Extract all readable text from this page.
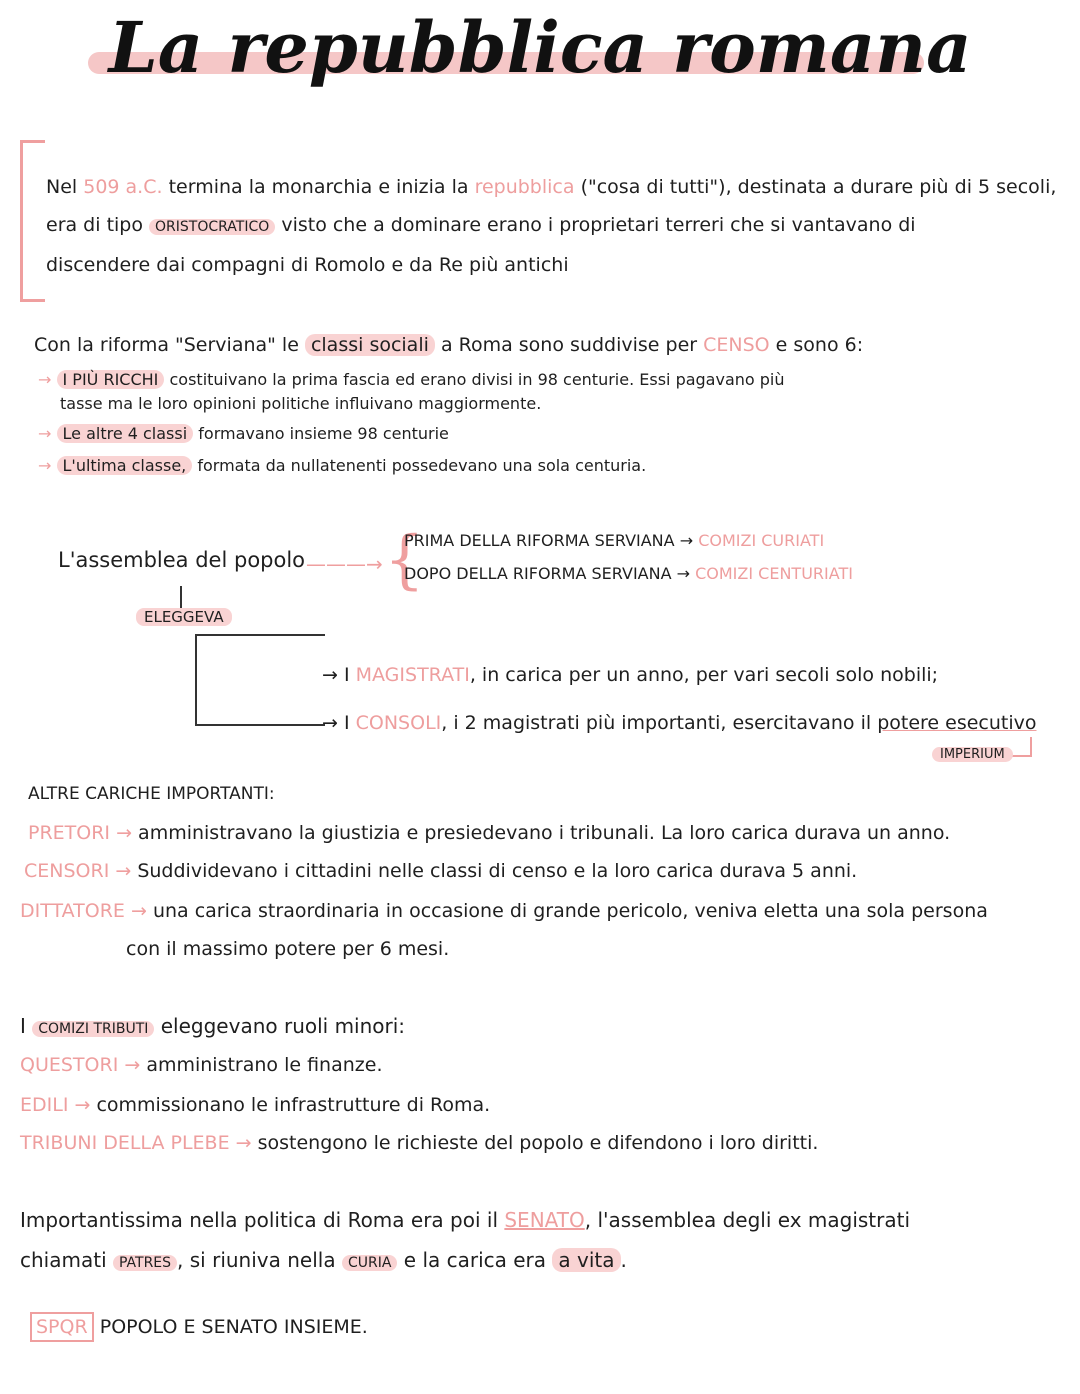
La repubblica romana
Nel 509 a.C. termina la monarchia e inizia la repubblica ("cosa di tutti"), destinata a durare più di 5 secoli,
era di tipo ORISTOCRATICO visto che a dominare erano i proprietari terreri che si vantavano di
discendere dai compagni di Romolo e da Re più antichi
Con la riforma "Serviana" le classi sociali a Roma sono suddivise per CENSO e sono 6:
→ I PIÙ RICCHI costituivano la prima fascia ed erano divisi in 98 centurie. Essi pagavano più
tasse ma le loro opinioni politiche influivano maggiormente.
→ Le altre 4 classi formavano insieme 98 centurie
→ L'ultima classe, formata da nullatenenti possedevano una sola centuria.
L'assemblea del popolo ———→ {
PRIMA DELLA RIFORMA SERVIANA → COMIZI CURIATI
DOPO DELLA RIFORMA SERVIANA → COMIZI CENTURIATI
ELEGGEVA
→ I MAGISTRATI, in carica per un anno, per vari secoli solo nobili;
→ I CONSOLI, i 2 magistrati più importanti, esercitavano il potere esecutivo
IMPERIUM
ALTRE CARICHE IMPORTANTI:
PRETORI → amministravano la giustizia e presiedevano i tribunali. La loro carica durava un anno.
CENSORI → Suddividevano i cittadini nelle classi di censo e la loro carica durava 5 anni.
DITTATORE → una carica straordinaria in occasione di grande pericolo, veniva eletta una sola persona
con il massimo potere per 6 mesi.
I COMIZI TRIBUTI eleggevano ruoli minori:
QUESTORI → amministrano le finanze.
EDILI → commissionano le infrastrutture di Roma.
TRIBUNI DELLA PLEBE → sostengono le richieste del popolo e difendono i loro diritti.
Importantissima nella politica di Roma era poi il SENATO, l'assemblea degli ex magistrati
chiamati PATRES , si riuniva nella CURIA e la carica era a vita .
SPQR POPOLO E SENATO INSIEME.
